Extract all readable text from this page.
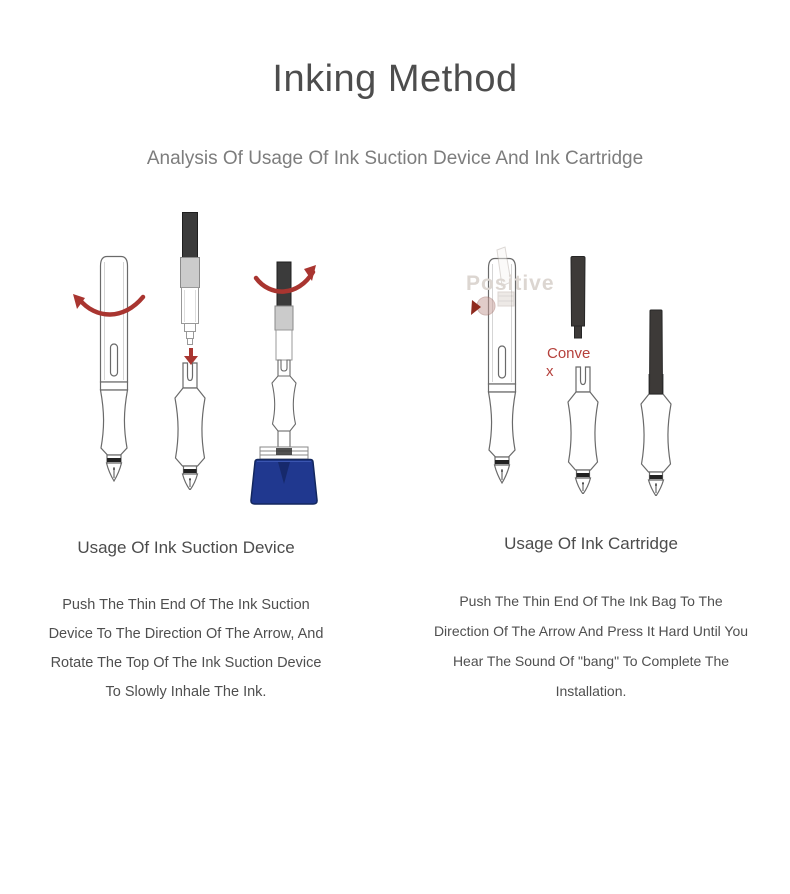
Inking Method
Analysis Of Usage Of Ink Suction Device And Ink Cartridge
Positive
Conve
x
Usage Of Ink Suction Device	Usage Of Ink Cartridge
Push The Thin End Of The Ink Suction
Device To The Direction Of The Arrow, And
Rotate The Top Of The Ink Suction Device
To Slowly Inhale The Ink.
Push The Thin End Of The Ink Bag To The
Direction Of The Arrow And Press It Hard Until You
Hear The Sound Of "bang" To Complete The
Installation.
